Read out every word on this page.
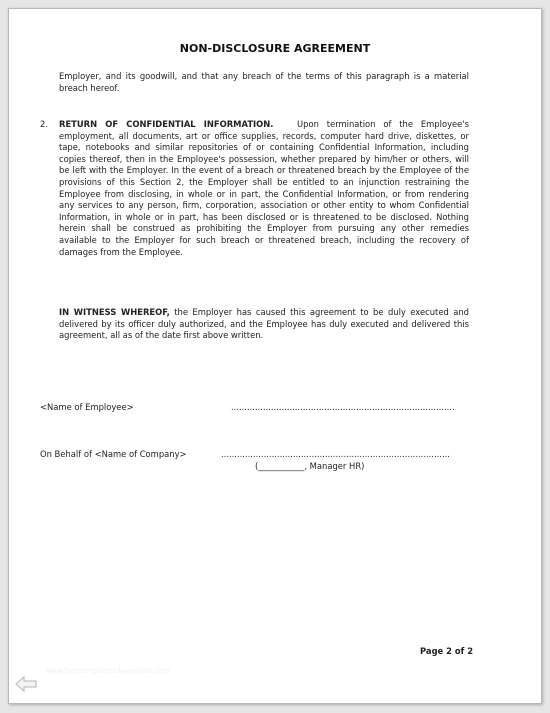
NON-DISCLOSURE AGREEMENT
Employer, and its goodwill, and that any breach of the terms of this paragraph is a material breach hereof.
2. RETURN OF CONFIDENTIAL INFORMATION.	Upon termination of the Employee's employment, all documents, art or office supplies, records, computer hard drive, diskettes, or tape, notebooks and similar repositories of or containing Confidential Information, including copies thereof, then in the Employee's possession, whether prepared by him/her or others, will be left with the Employer. In the event of a breach or threatened breach by the Employee of the provisions of this Section 2, the Employer shall be entitled to an injunction restraining the Employee from disclosing, in whole or in part, the Confidential Information, or from rendering any services to any person, firm, corporation, association or other entity to whom Confidential Information, in whole or in part, has been disclosed or is threatened to be disclosed. Nothing herein shall be construed as prohibiting the Employer from pursuing any other remedies available to the Employer for such breach or threatened breach, including the recovery of damages from the Employee.
IN WITNESS WHEREOF, the Employer has caused this agreement to be duly executed and delivered by its officer duly authorized, and the Employee has duly executed and delivered this agreement, all as of the date first above written.
<Name of Employee>	....................................................................................
On Behalf of <Name of Company>	......................................................................................
(___________, Manager HR)
Page 2 of 2
www.freetemplatesdownload.com
